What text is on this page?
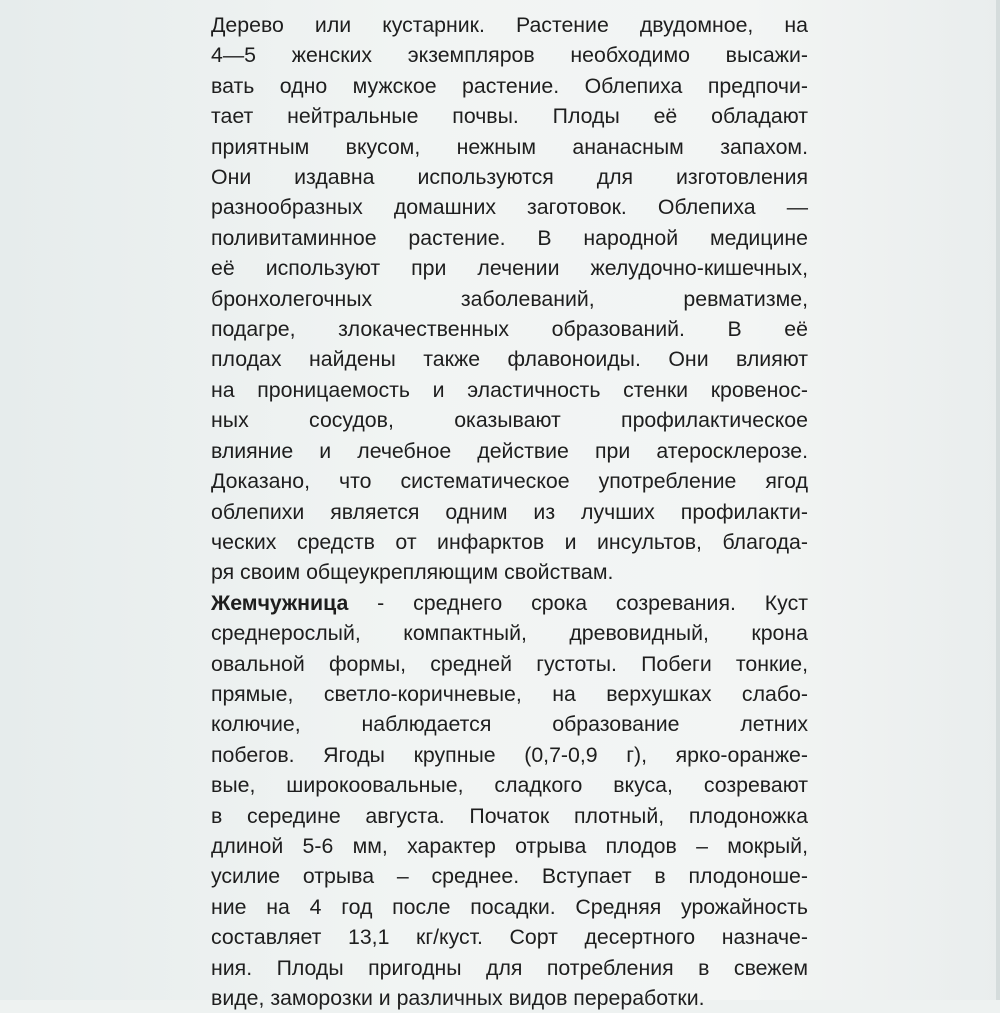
Дерево или кустарник. Растение двудомное, на
4—5 женских экземпляров необходимо высажи-
вать одно мужское растение. Облепиха предпочи-
тает нейтральные почвы. Плоды её обладают
приятным вкусом, нежным ананасным запахом.
Они издавна используются для изготовления
разнообразных домашних заготовок. Облепиха —
поливитаминное растение. В народной медицине
её используют при лечении желудочно-кишечных,
бронхолегочных заболеваний, ревматизме,
подагре, злокачественных образований. В её
плодах найдены также флавоноиды. Они влияют
на проницаемость и эластичность стенки кровенос-
ных сосудов, оказывают профилактическое
влияние и лечебное действие при атеросклерозе.
Доказано, что систематическое употребление ягод
облепихи является одним из лучших профилакти-
ческих средств от инфарктов и инсультов, благода-
ря своим общеукрепляющим свойствам.
Жемчужница - среднего срока созревания. Куст
среднерослый, компактный, древовидный, крона
овальной формы, средней густоты. Побеги тонкие,
прямые, светло-коричневые, на верхушках слабо-
колючие, наблюдается образование летних
побегов. Ягоды крупные (0,7-0,9 г), ярко-оранже-
вые, широкоовальные, сладкого вкуса, созревают
в середине августа. Початок плотный, плодоножка
длиной 5-6 мм, характер отрыва плодов – мокрый,
усилие отрыва – среднее. Вступает в плодоноше-
ние на 4 год после посадки. Средняя урожайность
составляет 13,1 кг/куст. Сорт десертного назначе-
ния. Плоды пригодны для потребления в свежем
виде, заморозки и различных видов переработки.
